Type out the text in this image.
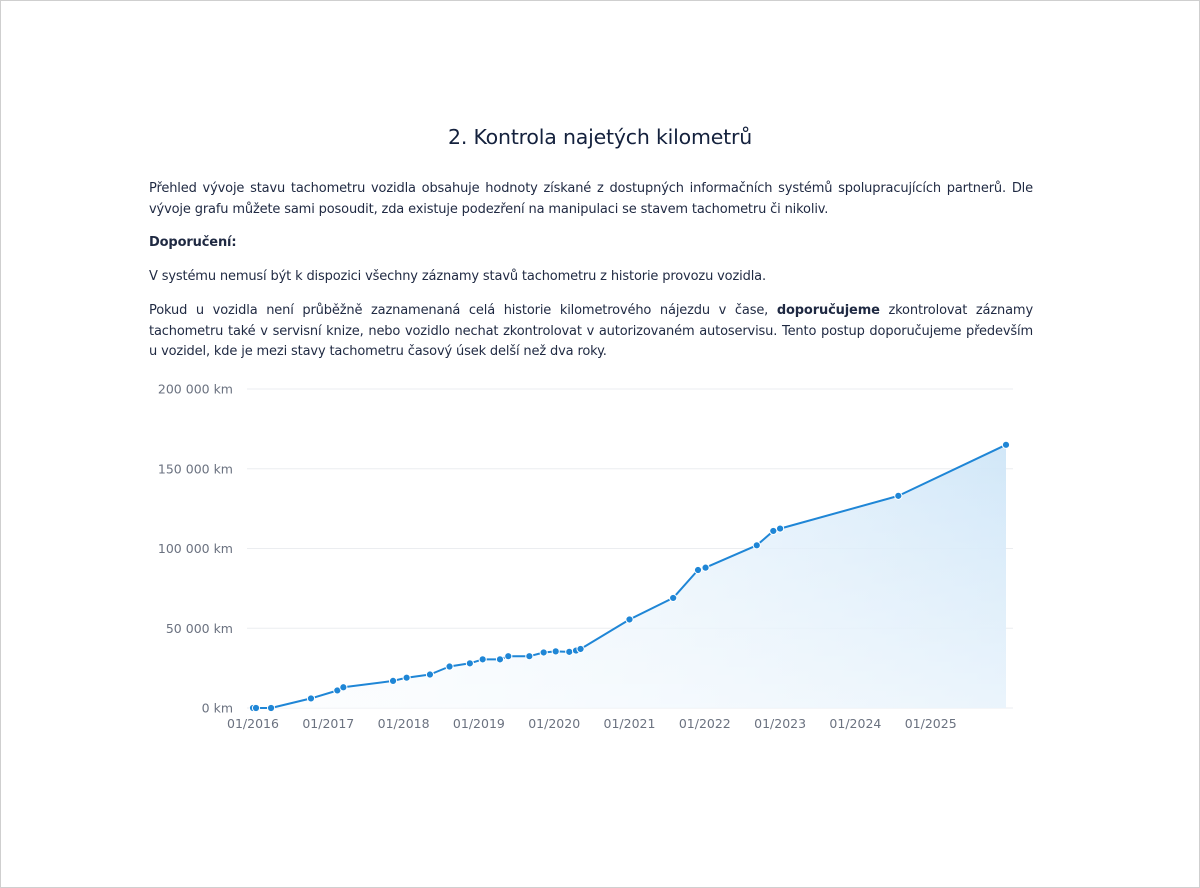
2. Kontrola najetých kilometrů

Přehled vývoje stavu tachometru vozidla obsahuje hodnoty získané z dostupných informačních systémů spolupracujících partnerů. Dle vývoje grafu můžete sami posoudit, zda existuje podezření na manipulaci se stavem tachometru či nikoliv.

Doporučení:

V systému nemusí být k dispozici všechny záznamy stavů tachometru z historie provozu vozidla.

Pokud u vozidla není průběžně zaznamenaná celá historie kilometrového nájezdu v čase, doporučujeme zkontrolovat záznamy tachometru také v servisní knize, nebo vozidlo nechat zkontrolovat v autorizovaném autoservisu. Tento postup doporučujeme především u vozidel, kde je mezi stavy tachometru časový úsek delší než dva roky.

0 km
50 000 km
100 000 km
150 000 km
200 000 km
01/2016 01/2017 01/2018 01/2019 01/2020 01/2021 01/2022 01/2023 01/2024 01/2025
